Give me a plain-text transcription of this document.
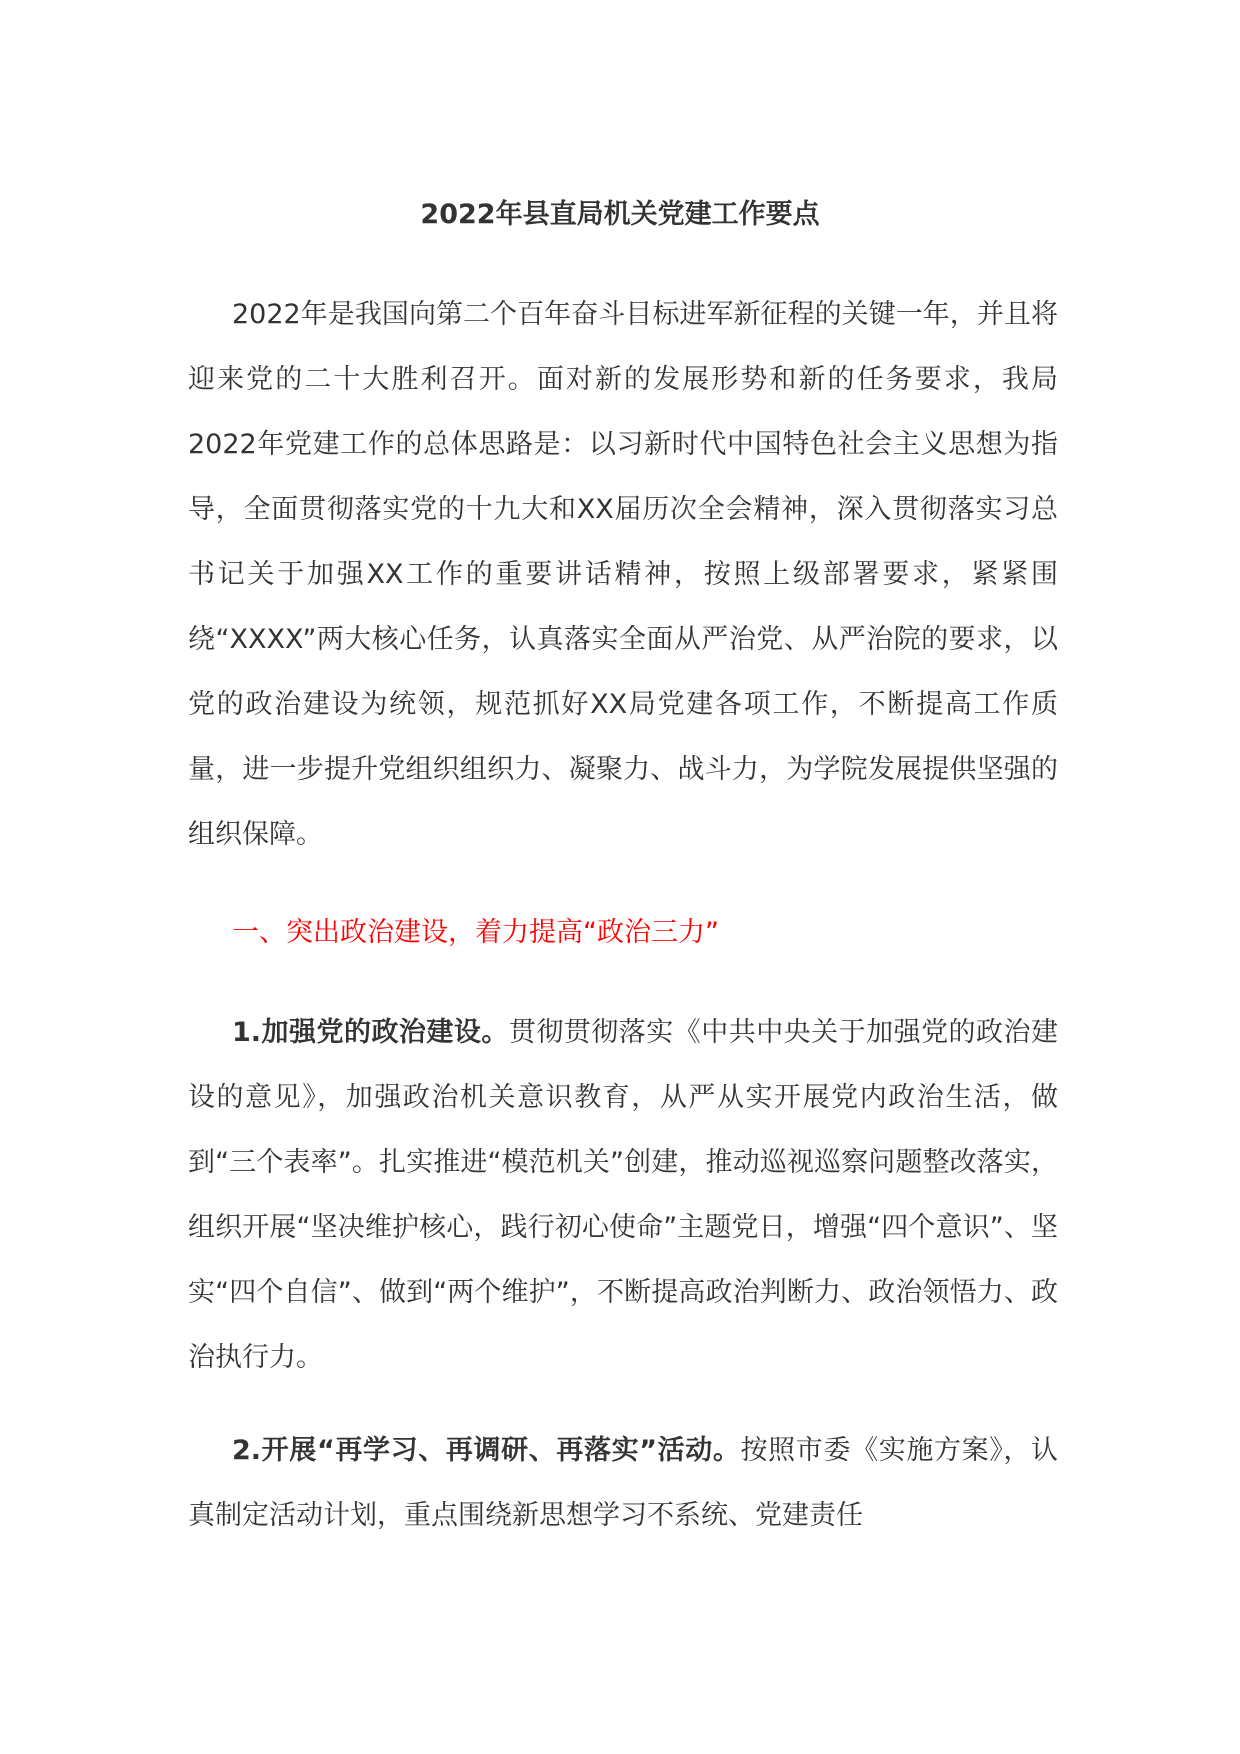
2022年县直局机关党建工作要点

2022年是我国向第二个百年奋斗目标进军新征程的关键一年，并且将迎来党的二十大胜利召开。面对新的发展形势和新的任务要求，我局2022年党建工作的总体思路是：以习新时代中国特色社会主义思想为指导，全面贯彻落实党的十九大和XX届历次全会精神，深入贯彻落实习总书记关于加强XX工作的重要讲话精神，按照上级部署要求，紧紧围绕“XXXX”两大核心任务，认真落实全面从严治党、从严治院的要求，以党的政治建设为统领，规范抓好XX局党建各项工作，不断提高工作质量，进一步提升党组织组织力、凝聚力、战斗力，为学院发展提供坚强的组织保障。

一、突出政治建设，着力提高“政治三力”

1.加强党的政治建设。贯彻贯彻落实《中共中央关于加强党的政治建设的意见》，加强政治机关意识教育，从严从实开展党内政治生活，做到“三个表率”。扎实推进“模范机关”创建，推动巡视巡察问题整改落实，组织开展“坚决维护核心，践行初心使命”主题党日，增强“四个意识”、坚实“四个自信”、做到“两个维护”，不断提高政治判断力、政治领悟力、政治执行力。

2.开展“再学习、再调研、再落实”活动。按照市委《实施方案》，认真制定活动计划，重点围绕新思想学习不系统、党建责任
